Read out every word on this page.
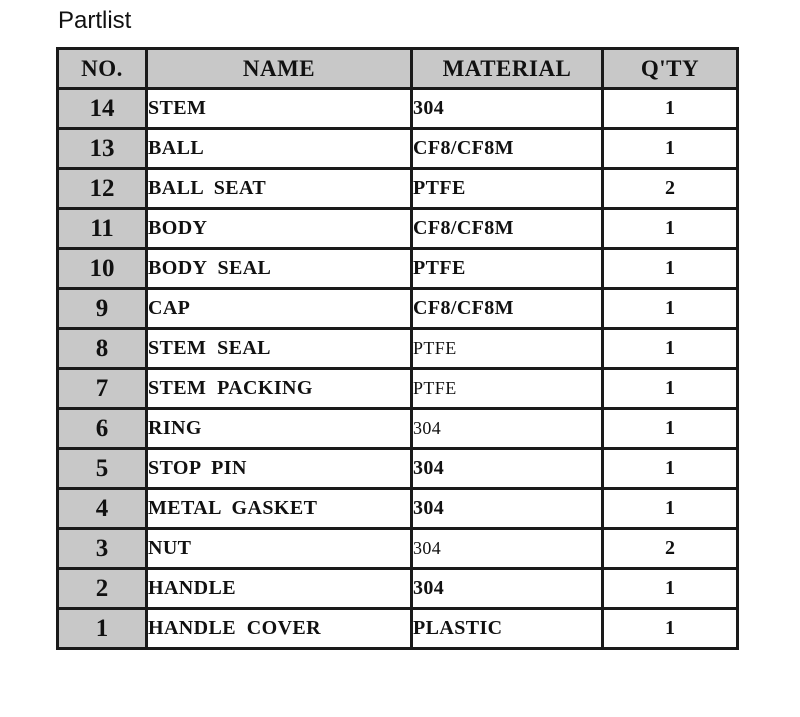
Partlist
NO.	NAME	MATERIAL	Q'TY
14	STEM	304	1
13	BALL	CF8/CF8M	1
12	BALL  SEAT	PTFE	2
11	BODY	CF8/CF8M	1
10	BODY  SEAL	PTFE	1
9	CAP	CF8/CF8M	1
8	STEM  SEAL	PTFE	1
7	STEM  PACKING	PTFE	1
6	RING	304	1
5	STOP  PIN	304	1
4	METAL  GASKET	304	1
3	NUT	304	2
2	HANDLE	304	1
1	HANDLE  COVER	PLASTIC	1
